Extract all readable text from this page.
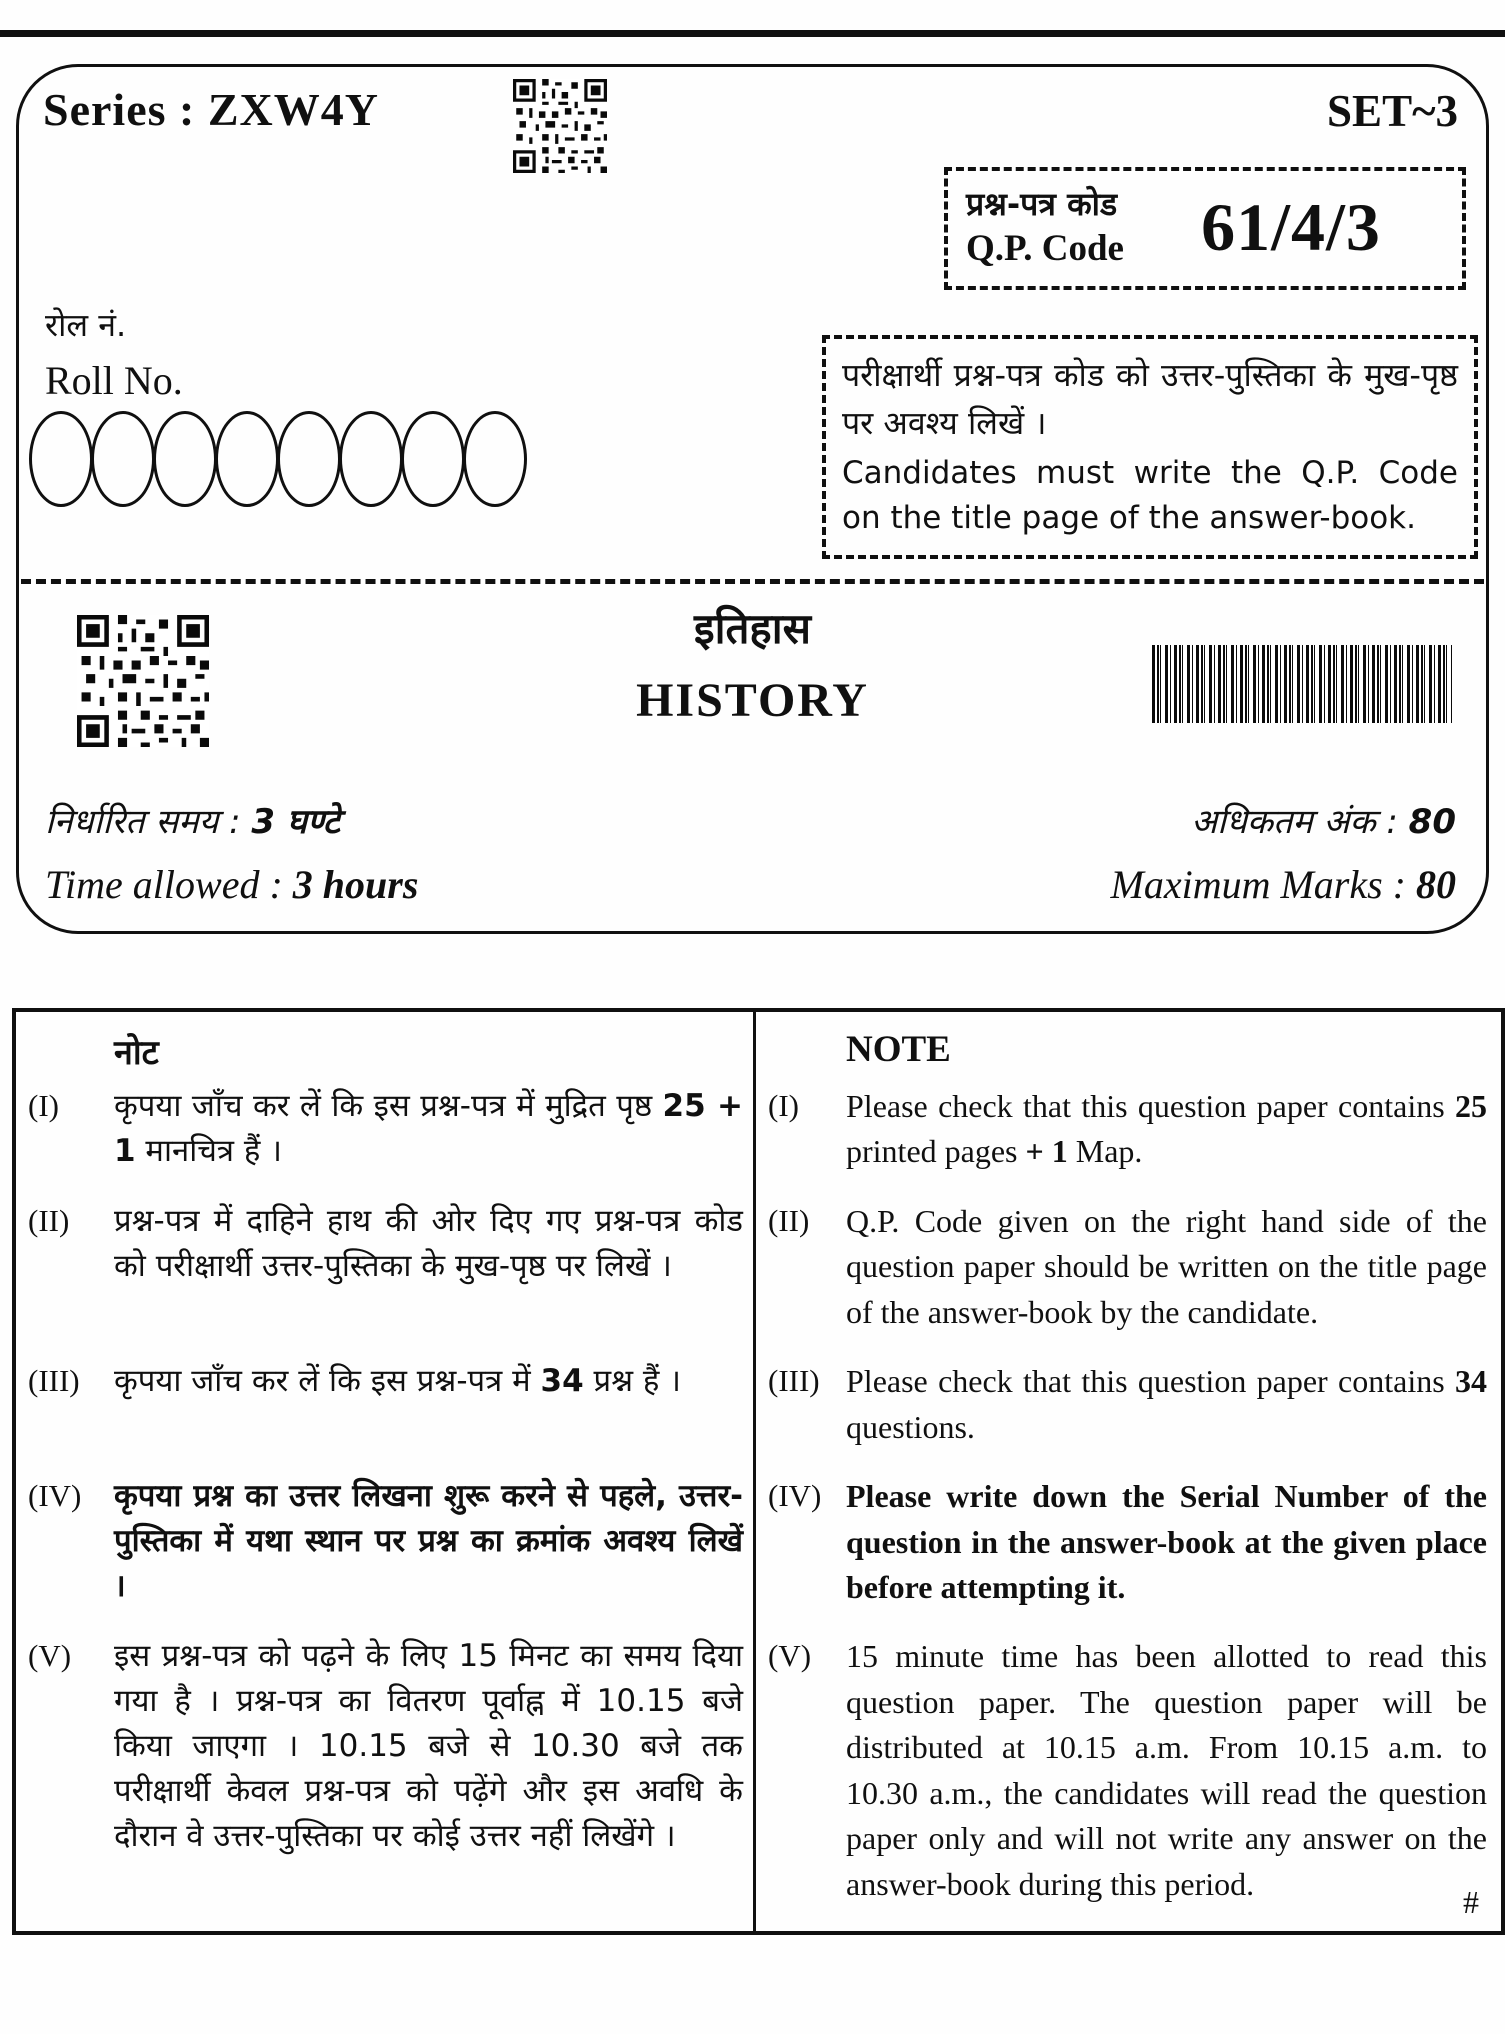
Series : ZXW4Y	SET~3
प्रश्न-पत्र कोड
Q.P. Code	61/4/3
रोल नं.
Roll No.	परीक्षार्थी प्रश्न-पत्र कोड को उत्तर-पुस्तिका के मुख-पृष्ठ पर अवश्य लिखें ।
Candidates must write the Q.P. Code on the title page of the answer-book.
इतिहास
HISTORY
निर्धारित समय : 3 घण्टे	अधिकतम अंक : 80
Time allowed : 3 hours	Maximum Marks : 80
नोट	NOTE
(I)	कृपया जाँच कर लें कि इस प्रश्न-पत्र में मुद्रित पृष्ठ 25 + 1 मानचित्र हैं ।
(I)	Please check that this question paper contains 25 printed pages + 1 Map.
(II)	प्रश्न-पत्र में दाहिने हाथ की ओर दिए गए प्रश्न-पत्र कोड को परीक्षार्थी उत्तर-पुस्तिका के मुख-पृष्ठ पर लिखें ।
(II)	Q.P. Code given on the right hand side of the question paper should be written on the title page of the answer-book by the candidate.
(III)	कृपया जाँच कर लें कि इस प्रश्न-पत्र में 34 प्रश्न हैं ।	(III) Please check that this question paper contains 34 questions.
(IV)	कृपया प्रश्न का उत्तर लिखना शुरू करने से पहले, उत्तर-पुस्तिका में यथा स्थान पर प्रश्न का क्रमांक अवश्य लिखें ।
(IV) Please write down the Serial Number of the question in the answer-book at the given place before attempting it.
(V)	इस प्रश्न-पत्र को पढ़ने के लिए 15 मिनट का समय दिया गया है । प्रश्न-पत्र का वितरण पूर्वाह्न में 10.15 बजे किया जाएगा । 10.15 बजे से 10.30 बजे तक परीक्षार्थी केवल प्रश्न-पत्र को पढ़ेंगे और इस अवधि के दौरान वे उत्तर-पुस्तिका पर कोई उत्तर नहीं लिखेंगे ।
(V)	15 minute time has been allotted to read this question paper. The question paper will be distributed at 10.15 a.m. From 10.15 a.m. to 10.30 a.m., the candidates will read the question paper only and will not write any answer on the answer-book during this period.
#
